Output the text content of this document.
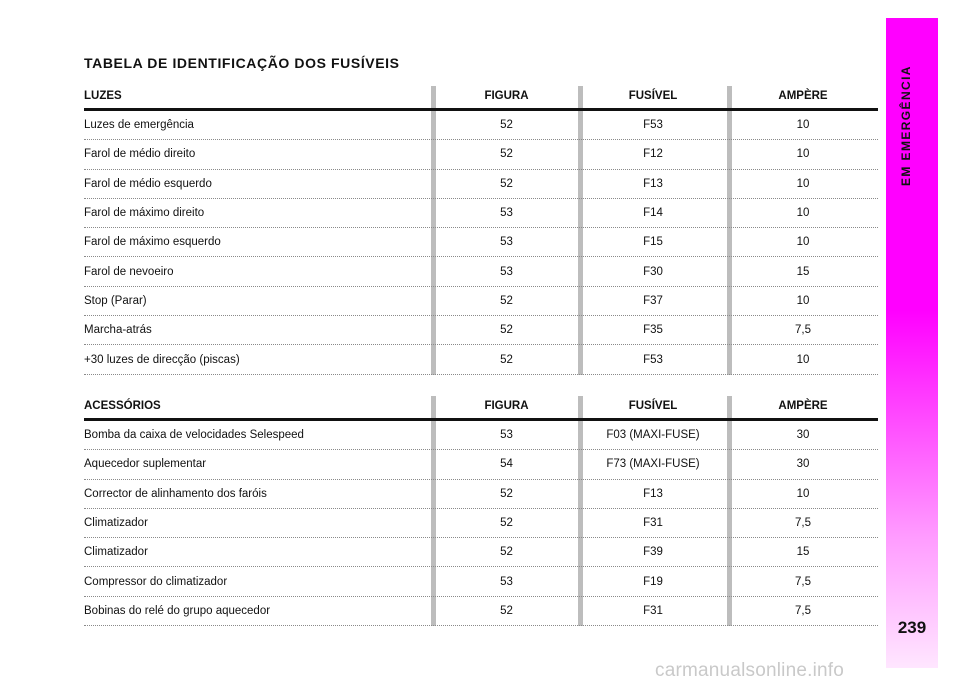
TABELA DE IDENTIFICAÇÃO DOS FUSÍVEIS
LUZES	FIGURA	FUSÍVEL	AMPÈRE
Luzes de emergência	52	F53	10
Farol de médio direito	52	F12	10
Farol de médio esquerdo	52	F13	10
Farol de máximo direito	53	F14	10
Farol de máximo esquerdo	53	F15	10
Farol de nevoeiro	53	F30	15
Stop (Parar)	52	F37	10
Marcha-atrás	52	F35	7,5
+30 luzes de direcção (piscas)	52	F53	10
ACESSÓRIOS	FIGURA	FUSÍVEL	AMPÈRE
Bomba da caixa de velocidades Selespeed	53	F03 (MAXI-FUSE)	30
Aquecedor suplementar	54	F73 (MAXI-FUSE)	30
Corrector de alinhamento dos faróis	52	F13	10
Climatizador	52	F31	7,5
Climatizador	52	F39	15
Compressor do climatizador	53	F19	7,5
Bobinas do relé do grupo aquecedor	52	F31	7,5
EM EMERGÊNCIA
239
carmanualsonline.info
